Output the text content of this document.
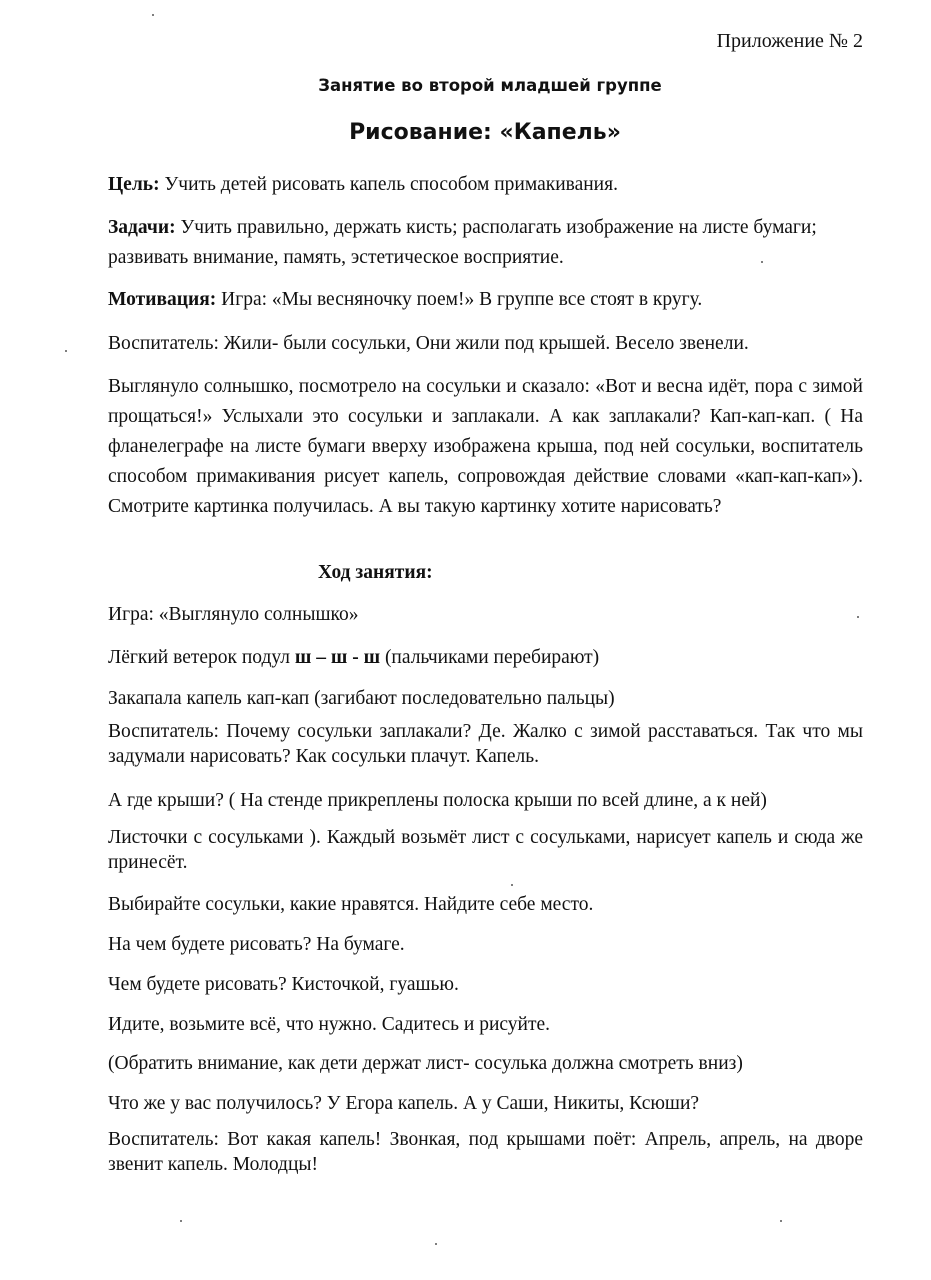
Приложение № 2
Занятие во второй младшей группе
Рисование: «Капель»
Цель: Учить детей рисовать капель способом примакивания.
Задачи: Учить правильно, держать кисть; располагать изображение на листе бумаги; развивать внимание, память, эстетическое восприятие.
Мотивация: Игра: «Мы весняночку поем!» В группе все стоят в кругу.
Воспитатель: Жили- были сосульки, Они жили под крышей. Весело звенели.
Выглянуло солнышко, посмотрело на сосульки и сказало: «Вот и весна идёт, пора с зимой прощаться!» Услыхали это сосульки и заплакали. А как заплакали? Кап-кап-кап. ( На фланелеграфе на листе бумаги вверху изображена крыша, под ней сосульки, воспитатель способом примакивания рисует капель, сопровождая действие словами «кап-кап-кап»). Смотрите картинка получилась. А вы такую картинку хотите нарисовать?
Ход занятия:
Игра: «Выглянуло солнышко»
Лёгкий ветерок подул ш – ш - ш (пальчиками перебирают)
Закапала капель кап-кап (загибают последовательно пальцы)
Воспитатель: Почему сосульки заплакали? Де. Жалко с зимой расставаться. Так что мы задумали нарисовать? Как сосульки плачут. Капель.
А где крыши? ( На стенде прикреплены полоска крыши по всей длине, а к ней)
Листочки с сосульками ). Каждый возьмёт лист с сосульками, нарисует капель и сюда же принесёт.
Выбирайте сосульки, какие нравятся. Найдите себе место.
На чем будете рисовать? На бумаге.
Чем будете рисовать? Кисточкой, гуашью.
Идите, возьмите всё, что нужно. Садитесь и рисуйте.
(Обратить внимание, как дети держат лист- сосулька должна смотреть вниз)
Что же у вас получилось? У Егора капель. А у Саши, Никиты, Ксюши?
Воспитатель: Вот какая капель! Звонкая, под крышами поёт: Апрель, апрель, на дворе звенит капель. Молодцы!
